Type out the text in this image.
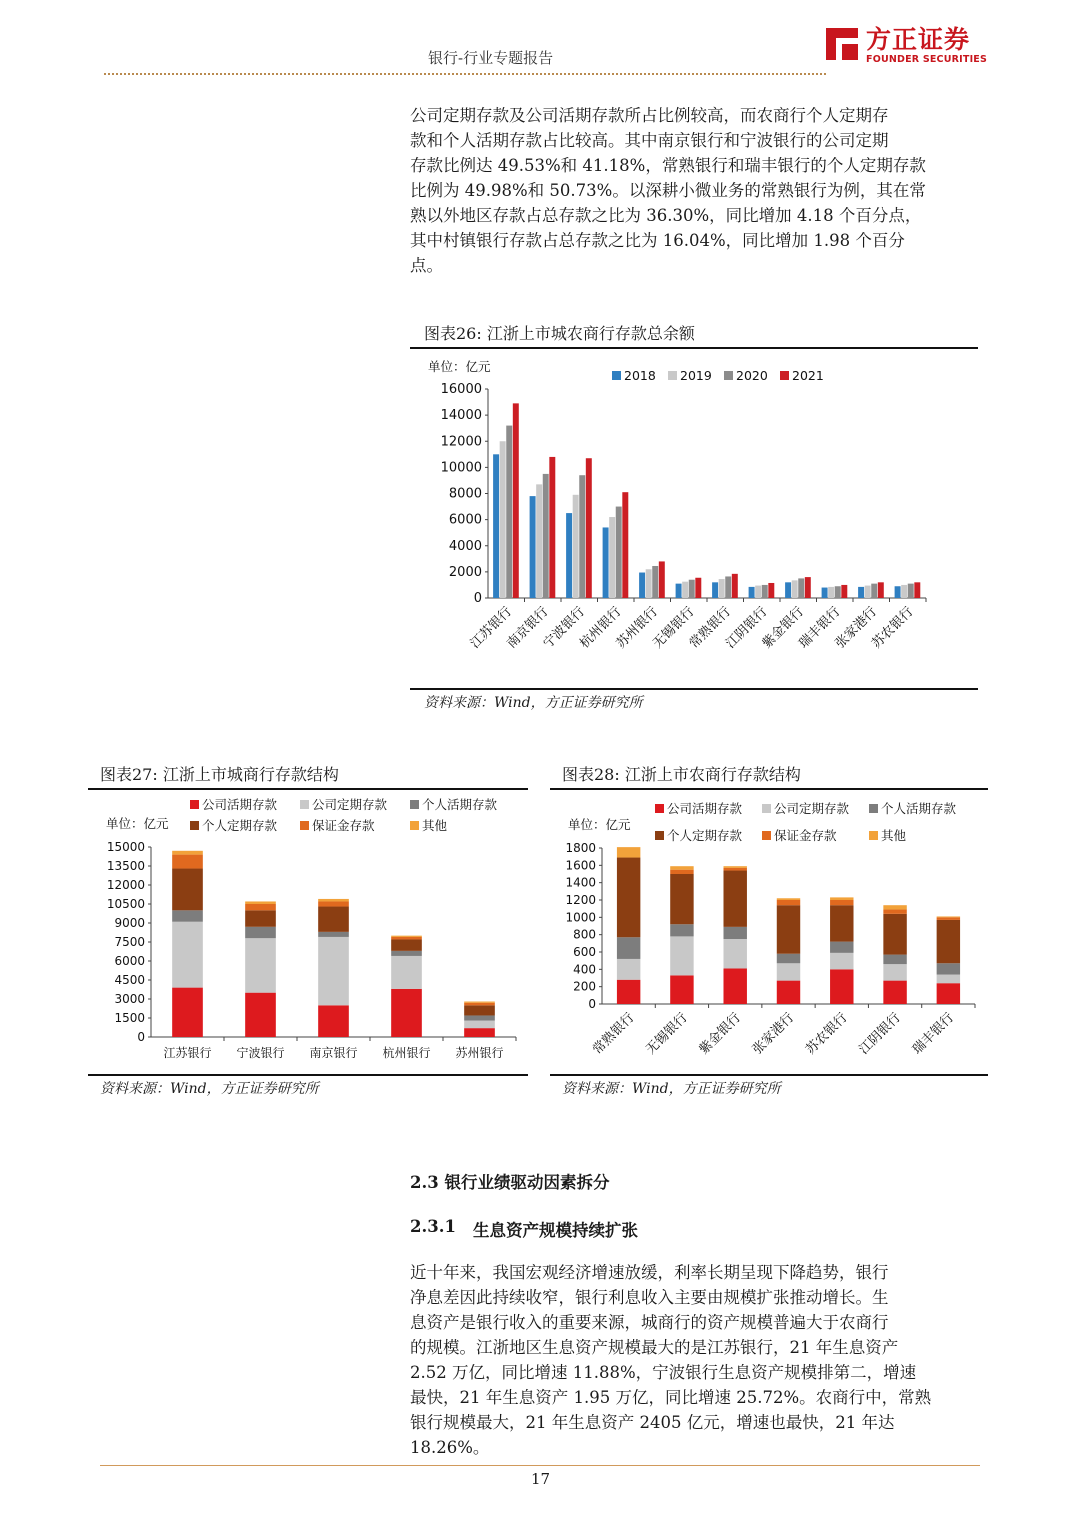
银行-行业专题报告
方正证券
FOUNDER SECURITIES
公司定期存款及公司活期存款所占比例较高，而农商行个人定期存
款和个人活期存款占比较高。其中南京银行和宁波银行的公司定期
存款比例达 49.53%和 41.18%，常熟银行和瑞丰银行的个人定期存款
比例为 49.98%和 50.73%。以深耕小微业务的常熟银行为例，其在常
熟以外地区存款占总存款之比为 36.30%，同比增加 4.18 个百分点，
其中村镇银行存款占总存款之比为 16.04%，同比增加 1.98 个百分
点。
图表26: 江浙上市城农商行存款总余额
单位：亿元
2018 2019 2020 2021
0
2000
4000
6000
8000
10000
12000
14000
16000
江苏银行
南京银行
宁波银行
杭州银行
苏州银行
无锡银行
常熟银行
江阴银行
紫金银行
瑞丰银行
张家港行
苏农银行
资料来源：Wind，方正证券研究所
图表27: 江浙上市城商行存款结构
单位：亿元
公司活期存款	公司定期存款	个人活期存款
个人定期存款	保证金存款	其他
0
1500
3000
4500
6000
7500
9000
10500
12000
13500
15000
江苏银行 宁波银行 南京银行 杭州银行 苏州银行
资料来源：Wind，方正证券研究所
图表28: 江浙上市农商行存款结构
单位：亿元
公司活期存款	公司定期存款	个人活期存款
个人定期存款	保证金存款	其他
0
200
400
600
800
1000
1200
1400
1600
1800
常熟银行 无锡银行 紫金银行 张家港行 苏农银行 江阴银行 瑞丰银行
资料来源：Wind，方正证券研究所
2.3 银行业绩驱动因素拆分
2.3.1 生息资产规模持续扩张
近十年来，我国宏观经济增速放缓，利率长期呈现下降趋势，银行
净息差因此持续收窄，银行利息收入主要由规模扩张推动增长。生
息资产是银行收入的重要来源，城商行的资产规模普遍大于农商行
的规模。江浙地区生息资产规模最大的是江苏银行，21 年生息资产
2.52 万亿，同比增速 11.88%，宁波银行生息资产规模排第二，增速
最快，21 年生息资产 1.95 万亿，同比增速 25.72%。农商行中，常熟
银行规模最大，21 年生息资产 2405 亿元，增速也最快，21 年达
18.26%。
17
